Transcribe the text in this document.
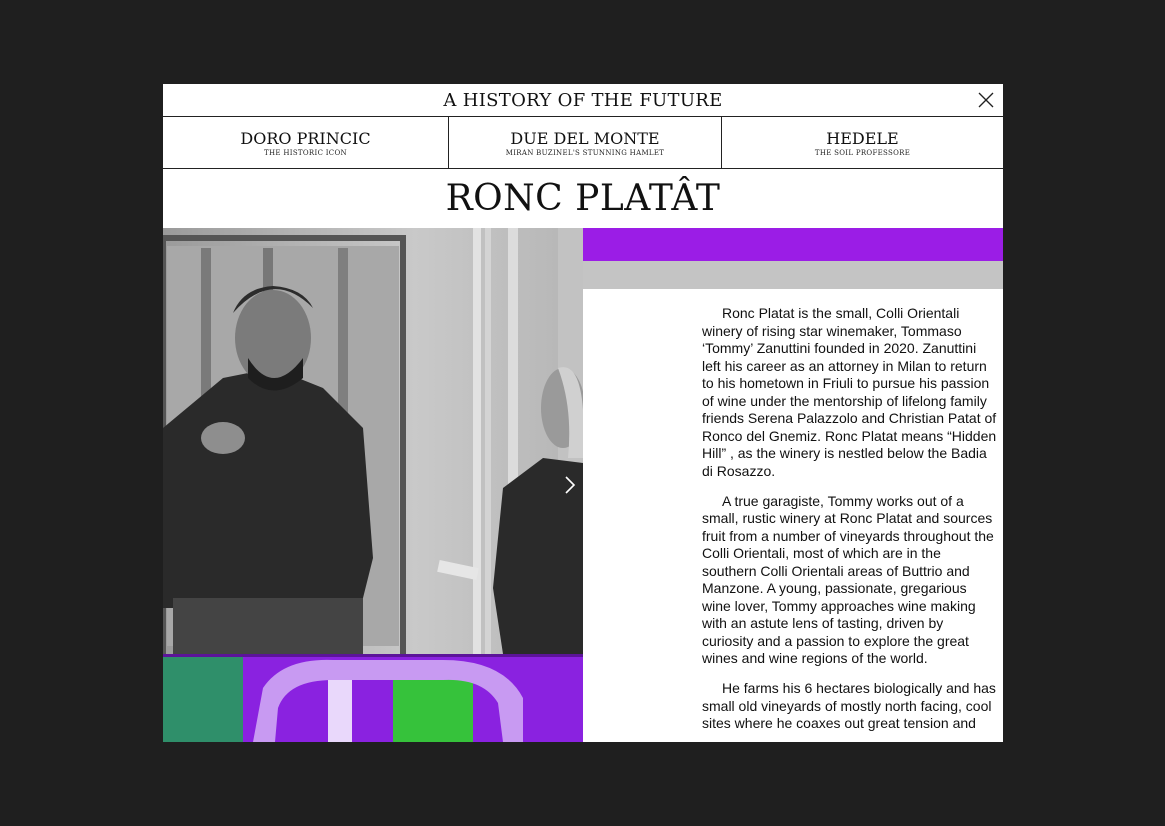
A HISTORY OF THE FUTURE
DORO PRINCIC
THE HISTORIC ICON
DUE DEL MONTE
MIRAN BUZINEL'S STUNNING HAMLET
HEDELE
THE SOIL PROFESSORE
RONC PLATÂT

Ronc Platat is the small, Colli Orientali winery of rising star winemaker, Tommaso ‘Tommy’ Zanuttini founded in 2020. Zanuttini left his career as an attorney in Milan to return to his hometown in Friuli to pursue his passion of wine under the mentorship of lifelong family friends Serena Palazzolo and Christian Patat of Ronco del Gnemiz. Ronc Platat means “Hidden Hill” , as the winery is nestled below the Badia di Rosazzo.

A true garagiste, Tommy works out of a small, rustic winery at Ronc Platat and sources fruit from a number of vineyards throughout the Colli Orientali, most of which are in the southern Colli Orientali areas of Buttrio and Manzone. A young, passionate, gregarious wine lover, Tommy approaches wine making with an astute lens of tasting, driven by curiosity and a passion to explore the great wines and wine regions of the world.

He farms his 6 hectares biologically and has small old vineyards of mostly north facing, cool sites where he coaxes out great tension and
